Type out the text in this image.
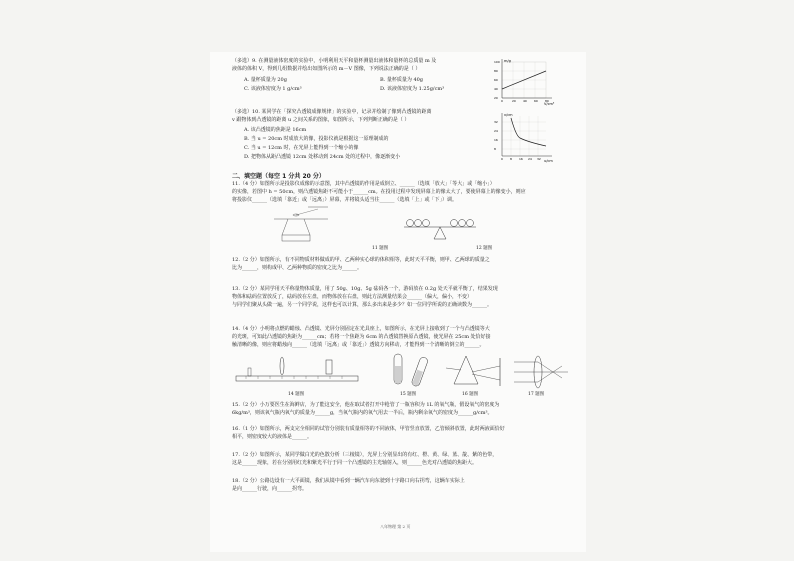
（多选）9. 在测量液体密度的实验中，小明利用天平和量杯测量出液体和量杯的总质量 m 及
液体的体积 V，得到几组数据并绘出如图所示的 m－V 图像，下列说法正确的是（ ）
A. 量杯质量为 20g	B. 量杯质量为 40g
C. 该液体密度为 1 g/cm³	D. 该液体密度为 1.25g/cm³
m/g
V/cm³
100
80
60
40
20
0	20 40 60 80
（多选）10. 某同学在「探究凸透镜成像规律」的实验中，记录并绘制了像到凸透镜的距离
v 跟物体到凸透镜的距离 u 之间关系的图象，如图所示，下列判断正确的是（ ）
A. 该凸透镜的焦距是 16cm
B. 当 u = 20cm 时成放大的像，投影仪就是根据这一原理制成的
C. 当 u = 12cm 时，在光屏上能得到一个缩小的像
D. 把物体从距凸透镜 12cm 处移动到 24cm 处的过程中，像逐渐变小
v/cm
u/cm
32
24
16
8
0 8 16 24 32
二、填空题（每空 1 分共 20 分）
11.（4 分）如图所示是投影仪成像的示意图，其中凸透镜的作用是成倒立、______（选填「放大」「等大」或「缩小」）
的实像，若图中 h = 50cm，则凸透镜焦距不可能小于______cm。在投用过程中发现屏幕上的像太大了，要使屏幕上的像变小，则应
将投影仪______（选填「靠近」或「远离」）屏幕，并将镜头适当往______（选填「上」或「下」）调。
11 题图	12 题图
12.（2 分）如图所示，有不同物质材料做成的甲、乙两种实心球的体积相等，此时天平平衡，则甲、乙两球的质量之
比为______，则构成甲、乙两种物质的密度之比为______。
13.（2 分）某同学用天平称量物体质量，用了 50g、10g、5g 砝码各一个，游码放在 0.2g 处天平就平衡了，结果发现
物体和砝码位置放反了，砝码放在左盘，而物体放在右盘，则此方法测量结果会______（偏大，偏小，不变）
与同学们聚从头做一遍，另一个同学说，这样也可以计算，那么多出来是多少？如一位同学所说的正确读数为______。
14.（4 分）小明将点燃的蜡烛、凸透镜、光屏分别固定在光具座上，如图所示，在光屏上接收到了一个与凸透镜等大
的光斑，可知此凸透镜的焦距为______cm；若将一个焦距为 6cm 的凸透镜替换原凸透镜，使光屏在 25cm 处恰好接
触清晰的像，则应将蜡烛向______（选填「远离」或「靠近」）透镜方向移动，才能得到一个清晰的倒立的______。
14 题图	15 题图	16 题图	17 题图
15.（2 分）小万要医生在海鲜店，为了能这安全，他在取试者打开中枪管了一瓶容积为 1L 的氧气瓶，假设氧气的密度为
6kg/m³，则该氧气瓶内氧气的质量为______g，当氧气瓶内的氧气用去一半后，瓶内剩余氧气的密度为______g/cm³。
16.（1 分）如图所示，两支完全相同的试管分别装有质量相等的不同液体，甲管竖直放置，乙管倾斜放置，此时两液面恰好
相平，则密度较大的液体是______。
17.（2 分）如图所示，某同学做白光的色散分析（三棱镜），光屏上分别显出的有红、橙、黄、绿、蓝、靛、紫的色带，
这是______现象，若在分别用红光和紫光平行于同一个凸透镜的主光轴射入，则______色光对凸透镜的焦距大。
18.（2 分）公路边设有一大平面镜，我们从镜中看到一辆汽车向东驶到十字路口向右拐弯，这辆车实际上
是向______行驶，向______拐弯。
八年物理 第 2 页
